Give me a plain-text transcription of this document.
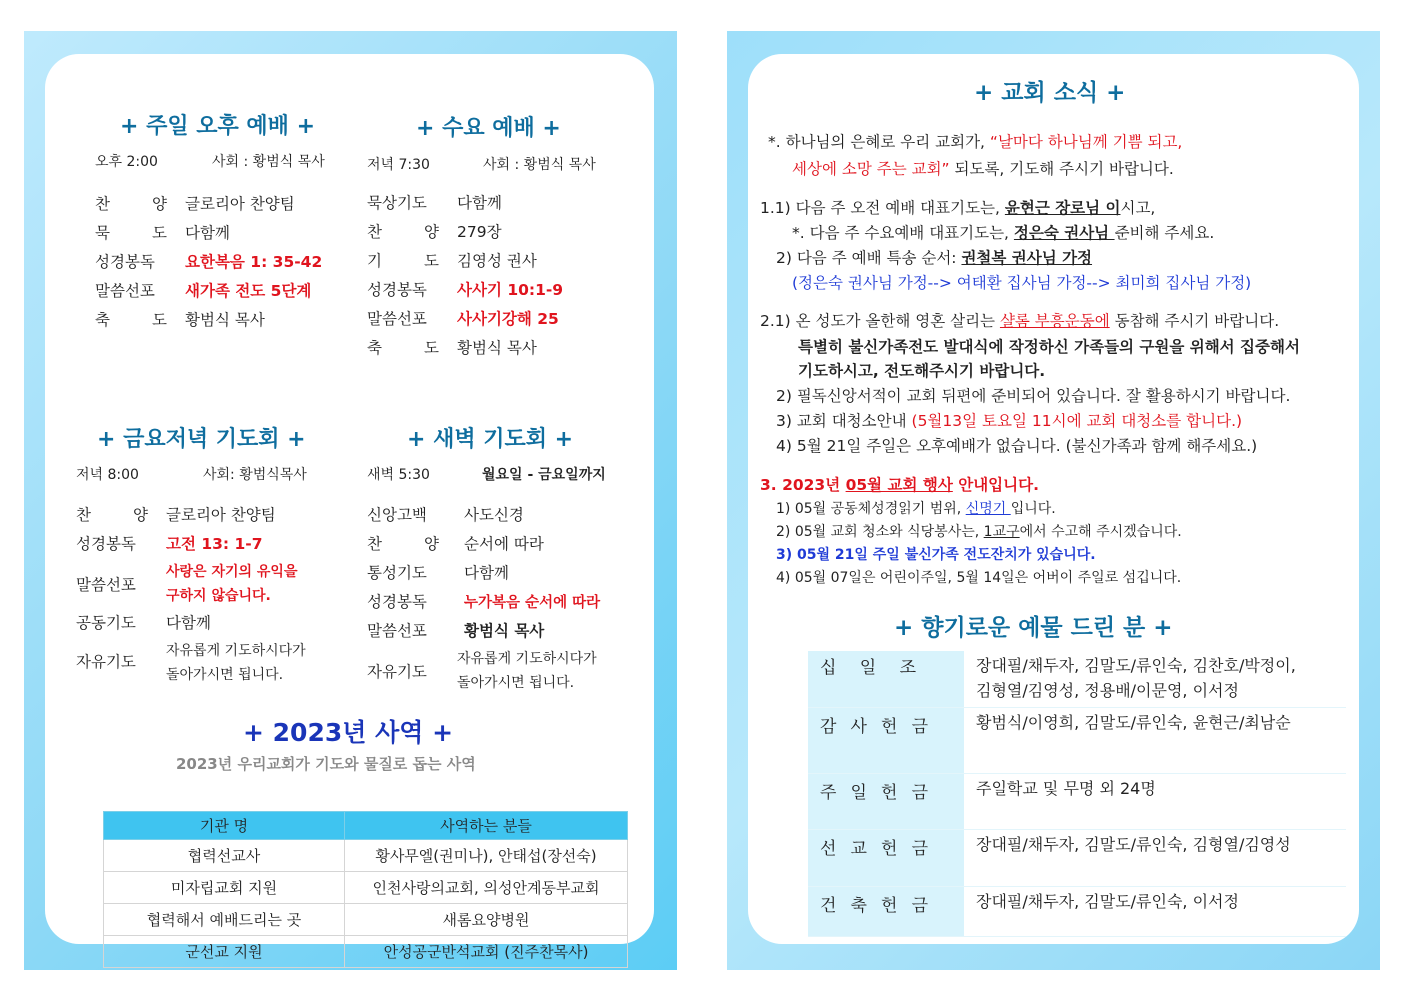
+ 주일 오후 예배 +
오후 2:00	사회 : 황범식 목사
찬 양 글로리아 찬양팀
묵 도 다함께
성경봉독 요한복음 1: 35-42
말씀선포 새가족 전도 5단계
축 도 황범식 목사
+ 수요 예배 +
저녁 7:30	사회 : 황범식 목사
묵상기도 다함께
찬 양 279장
기 도 김영성 권사
성경봉독 사사기 10:1-9
말씀선포 사사기강해 25
축 도 황범식 목사
+ 금요저녁 기도회 +
저녁 8:00	사회: 황범식목사
찬 양 글로리아 찬양팀
성경봉독 고전 13: 1-7
말씀선포
사랑은 자기의 유익을
구하지 않습니다.
공동기도 다함께
자유기도
자유롭게 기도하시다가
돌아가시면 됩니다.
+ 새벽 기도회 +
새벽 5:30	월요일 - 금요일까지
신앙고백 사도신경
찬 양 순서에 따라
통성기도 다함께
성경봉독	누가복음 순서에 따라
말씀선포 황범식 목사
자유기도
자유롭게 기도하시다가
돌아가시면 됩니다.
+ 2023년 사역 +
2023년 우리교회가 기도와 물질로 돕는 사역
기관 명	사역하는 분들
협력선교사	황사무엘(권미나), 안태섭(장선숙)
미자립교회 지원	인천사랑의교회, 의성안계동부교회
협력해서 예배드리는 곳	새롬요양병원
군선교 지원	안성공군반석교회 (진주찬목사)
+ 교회 소식 +
*. 하나님의 은혜로 우리 교회가, “날마다 하나님께 기쁨 되고,
세상에 소망 주는 교회” 되도록, 기도해 주시기 바랍니다.
1.1) 다음 주 오전 예배 대표기도는, 윤현근 장로님 이시고,
*. 다음 주 수요예배 대표기도는, 정은숙 권사님 준비해 주세요.
2) 다음 주 예배 특송 순서: 권철복 권사님 가정
(정은숙 권사님 가정--> 여태환 집사님 가정--> 최미희 집사님 가정)
2.1) 온 성도가 올한해 영혼 살리는 샬롬 부흥운동에 동참해 주시기 바랍니다.
특별히 불신가족전도 발대식에 작정하신 가족들의 구원을 위해서 집중해서
기도하시고, 전도해주시기 바랍니다.
2) 필독신앙서적이 교회 뒤편에 준비되어 있습니다. 잘 활용하시기 바랍니다.
3) 교회 대청소안내 (5월13일 토요일 11시에 교회 대청소를 합니다.)
4) 5월 21일 주일은 오후예배가 없습니다. (불신가족과 함께 해주세요.)
3. 2023년 05월 교회 행사 안내입니다.
1) 05월 공동체성경읽기 범위, 신명기 입니다.
2) 05월 교회 청소와 식당봉사는, 1교구에서 수고해 주시겠습니다.
3) 05월 21일 주일 불신가족 전도잔치가 있습니다.
4) 05월 07일은 어린이주일, 5월 14일은 어버이 주일로 섬깁니다.
+ 향기로운 예물 드린 분 +
십 일 조	장대필/채두자, 김말도/류인숙, 김찬호/박정이,
김형열/김영성, 정용배/이문영, 이서정

감 사 헌 금	황범식/이영희, 김말도/류인숙, 윤현근/최남순

주 일 헌 금	주일학교 및 무명 외 24명

선 교 헌 금	장대필/채두자, 김말도/류인숙, 김형열/김영성

건 축 헌 금	장대필/채두자, 김말도/류인숙, 이서정
